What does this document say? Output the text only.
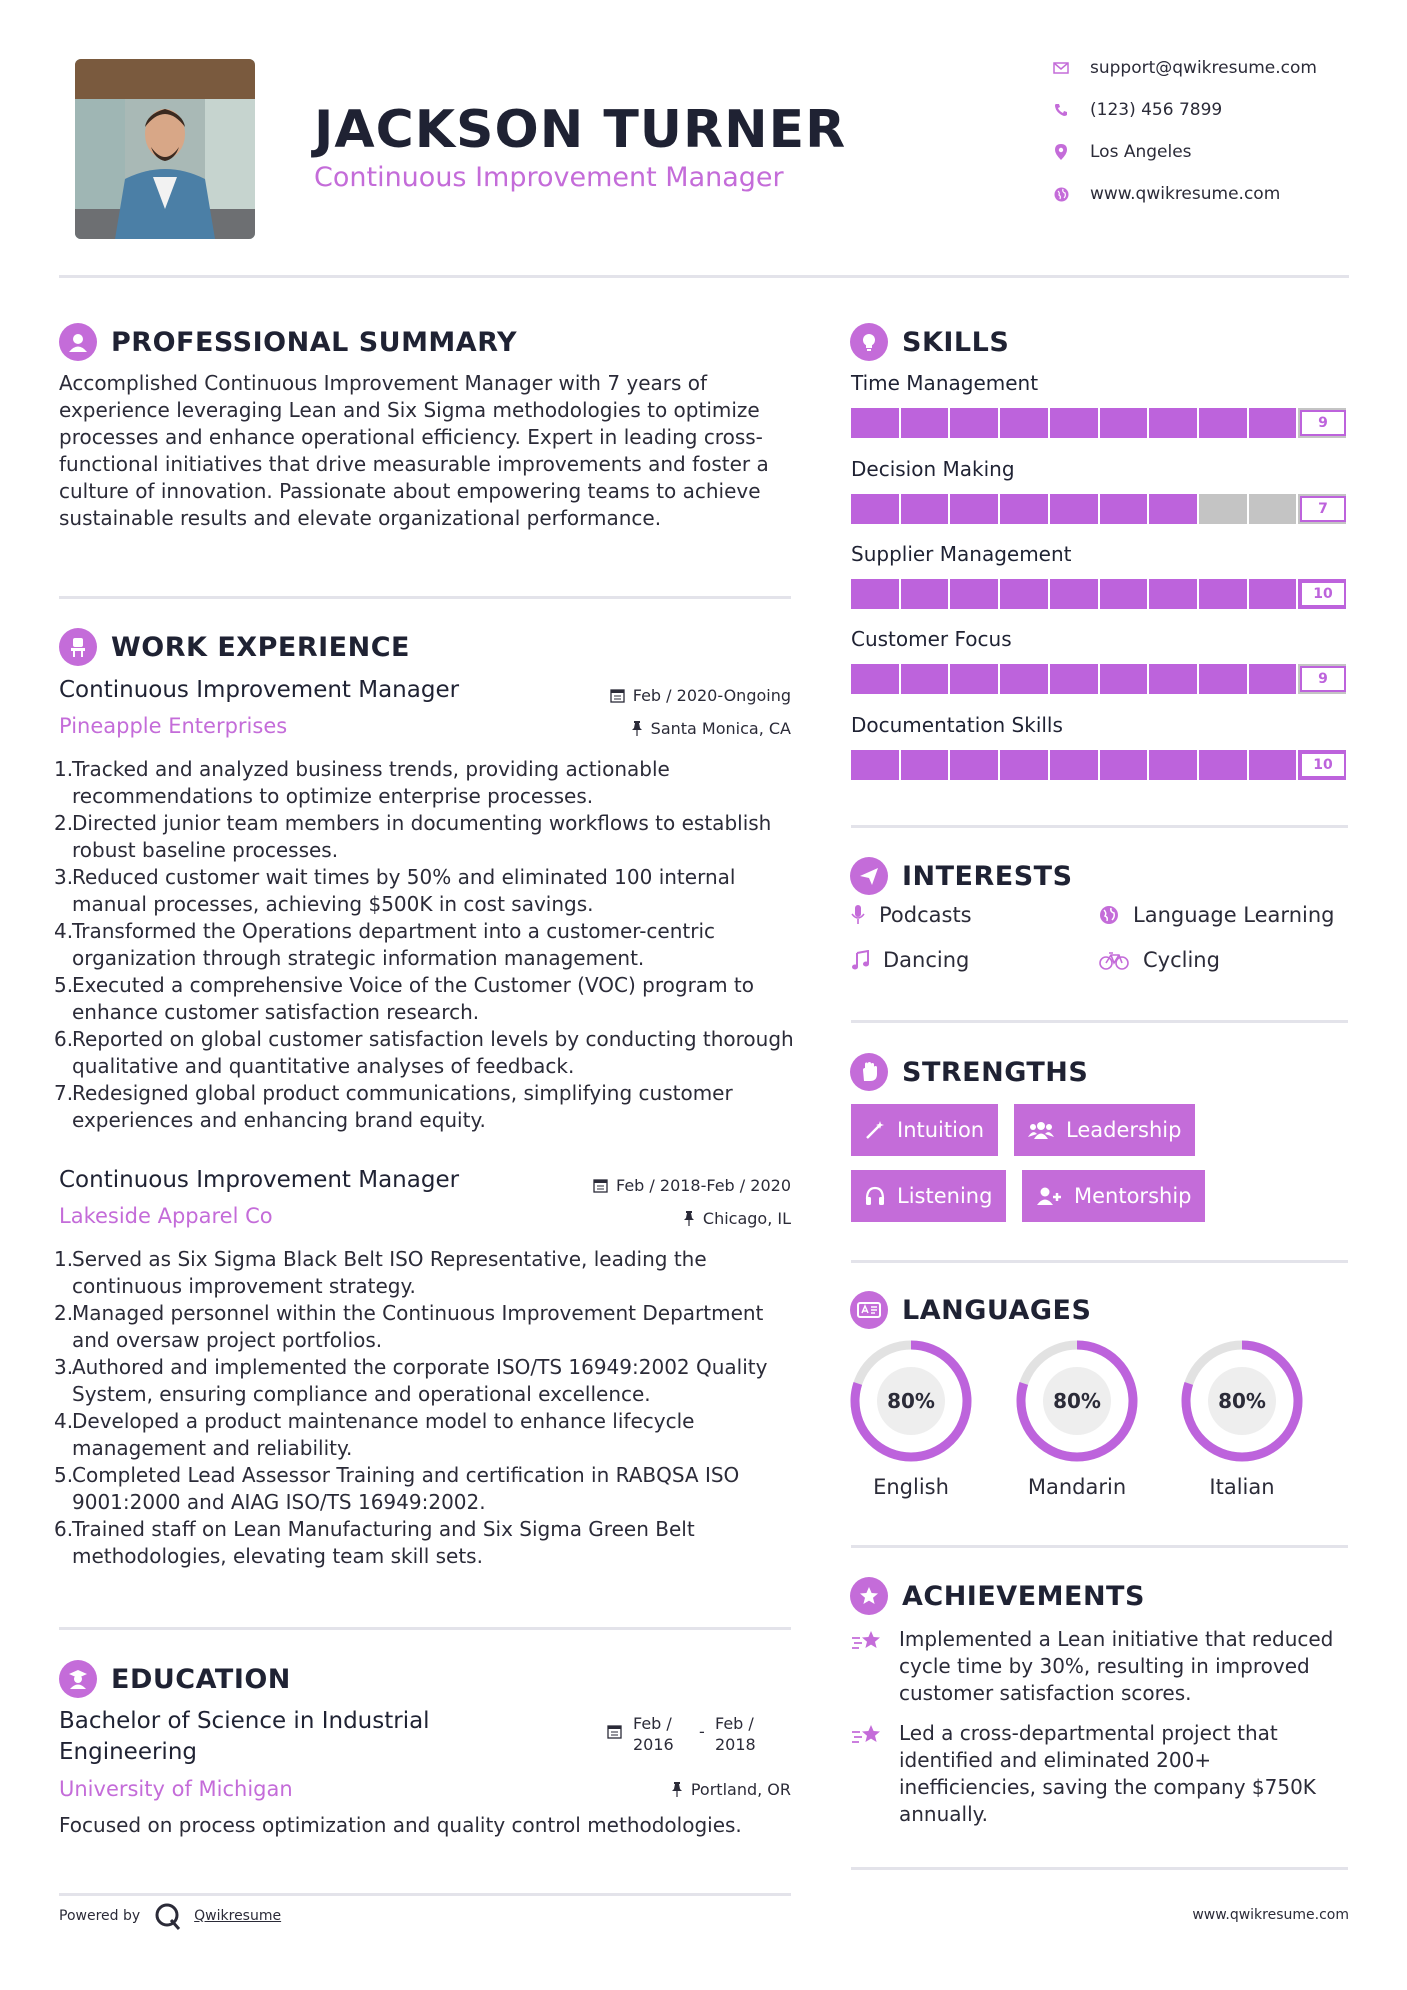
JACKSON TURNER
Continuous Improvement Manager
support@qwikresume.com
(123) 456 7899
Los Angeles
www.qwikresume.com
PROFESSIONAL SUMMARY
Accomplished Continuous Improvement Manager with 7 years of experience leveraging Lean and Six Sigma methodologies to optimize processes and enhance operational efficiency. Expert in leading cross-functional initiatives that drive measurable improvements and foster a culture of innovation. Passionate about empowering teams to achieve sustainable results and elevate organizational performance.
WORK EXPERIENCE
Continuous Improvement Manager
Pineapple Enterprises
Feb / 2020-Ongoing
Santa Monica, CA
1.Tracked and analyzed business trends, providing actionable recommendations to optimize enterprise processes.
2.Directed junior team members in documenting workflows to establish robust baseline processes.
3.Reduced customer wait times by 50% and eliminated 100 internal manual processes, achieving $500K in cost savings.
4.Transformed the Operations department into a customer-centric organization through strategic information management.
5.Executed a comprehensive Voice of the Customer (VOC) program to enhance customer satisfaction research.
6.Reported on global customer satisfaction levels by conducting thorough qualitative and quantitative analyses of feedback.
7.Redesigned global product communications, simplifying customer experiences and enhancing brand equity.
Continuous Improvement Manager
Lakeside Apparel Co
Feb / 2018-Feb / 2020
Chicago, IL
1.Served as Six Sigma Black Belt ISO Representative, leading the continuous improvement strategy.
2.Managed personnel within the Continuous Improvement Department and oversaw project portfolios.
3.Authored and implemented the corporate ISO/TS 16949:2002 Quality System, ensuring compliance and operational excellence.
4.Developed a product maintenance model to enhance lifecycle management and reliability.
5.Completed Lead Assessor Training and certification in RABQSA ISO 9001:2000 and AIAG ISO/TS 16949:2002.
6.Trained staff on Lean Manufacturing and Six Sigma Green Belt methodologies, elevating team skill sets.
EDUCATION
Bachelor of Science in Industrial
Engineering
University of Michigan
Feb /
2016
- Feb /
2018
Portland, OR
Focused on process optimization and quality control methodologies.
Powered by	Qwikresume	www.qwikresume.com
SKILLS
Time Management
9
Decision Making
7
Supplier Management
10
Customer Focus
9
Documentation Skills
10
INTERESTS
Podcasts	Language Learning
Dancing	Cycling
STRENGTHS
Intuition	Leadership
Listening	Mentorship
LANGUAGES
80%
English
80%
Mandarin
80%
Italian
ACHIEVEMENTS
Implemented a Lean initiative that reduced cycle time by 30%, resulting in improved customer satisfaction scores.
Led a cross-departmental project that identified and eliminated 200+ inefficiencies, saving the company $750K annually.
